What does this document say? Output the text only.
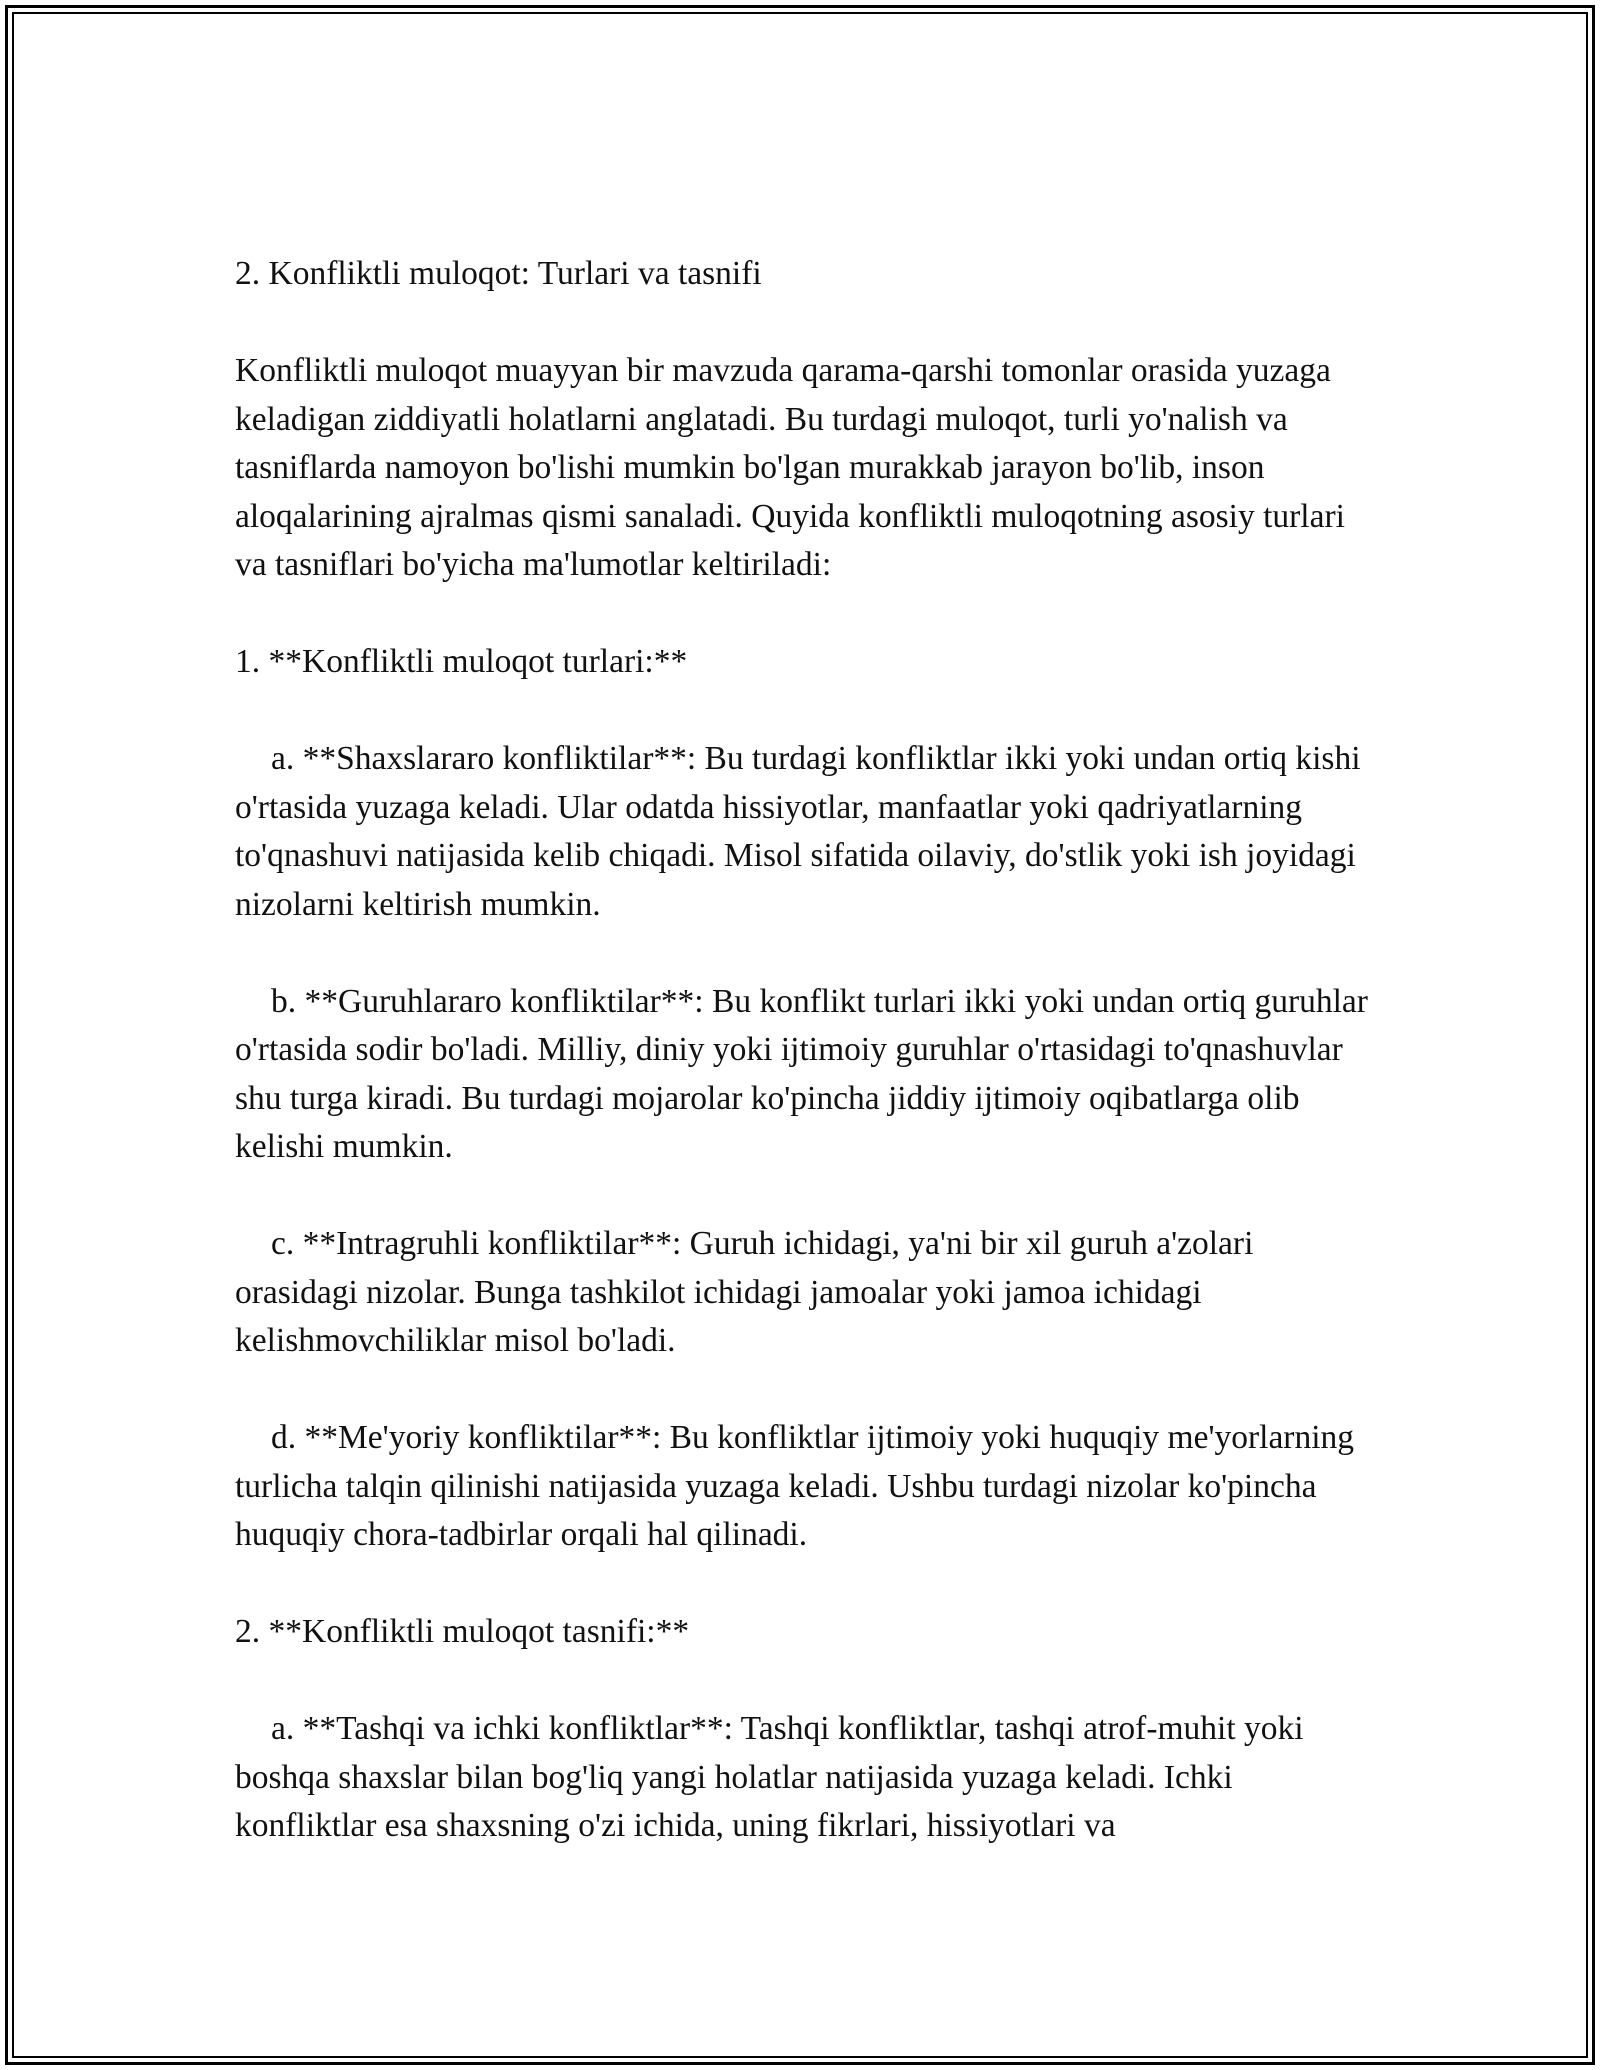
2. Konfliktli muloqot: Turlari va tasnifi

Konfliktli muloqot muayyan bir mavzuda qarama-qarshi tomonlar orasida yuzaga keladigan ziddiyatli holatlarni anglatadi. Bu turdagi muloqot, turli yo'nalish va tasniflarda namoyon bo'lishi mumkin bo'lgan murakkab jarayon bo'lib, inson aloqalarining ajralmas qismi sanaladi. Quyida konfliktli muloqotning asosiy turlari va tasniflari bo'yicha ma'lumotlar keltiriladi:

1. **Konfliktli muloqot turlari:**

a. **Shaxslararo konfliktilar**: Bu turdagi konfliktlar ikki yoki undan ortiq kishi o'rtasida yuzaga keladi. Ular odatda hissiyotlar, manfaatlar yoki qadriyatlarning to'qnashuvi natijasida kelib chiqadi. Misol sifatida oilaviy, do'stlik yoki ish joyidagi nizolarni keltirish mumkin.

b. **Guruhlararo konfliktilar**: Bu konflikt turlari ikki yoki undan ortiq guruhlar o'rtasida sodir bo'ladi. Milliy, diniy yoki ijtimoiy guruhlar o'rtasidagi to'qnashuvlar shu turga kiradi. Bu turdagi mojarolar ko'pincha jiddiy ijtimoiy oqibatlarga olib kelishi mumkin.

c. **Intragruhli konfliktilar**: Guruh ichidagi, ya'ni bir xil guruh a'zolari orasidagi nizolar. Bunga tashkilot ichidagi jamoalar yoki jamoa ichidagi kelishmovchiliklar misol bo'ladi.

d. **Me'yoriy konfliktilar**: Bu konfliktlar ijtimoiy yoki huquqiy me'yorlarning turlicha talqin qilinishi natijasida yuzaga keladi. Ushbu turdagi nizolar ko'pincha huquqiy chora-tadbirlar orqali hal qilinadi.

2. **Konfliktli muloqot tasnifi:**

a. **Tashqi va ichki konfliktlar**: Tashqi konfliktlar, tashqi atrof-muhit yoki boshqa shaxslar bilan bog'liq yangi holatlar natijasida yuzaga keladi. Ichki konfliktlar esa shaxsning o'zi ichida, uning fikrlari, hissiyotlari va
